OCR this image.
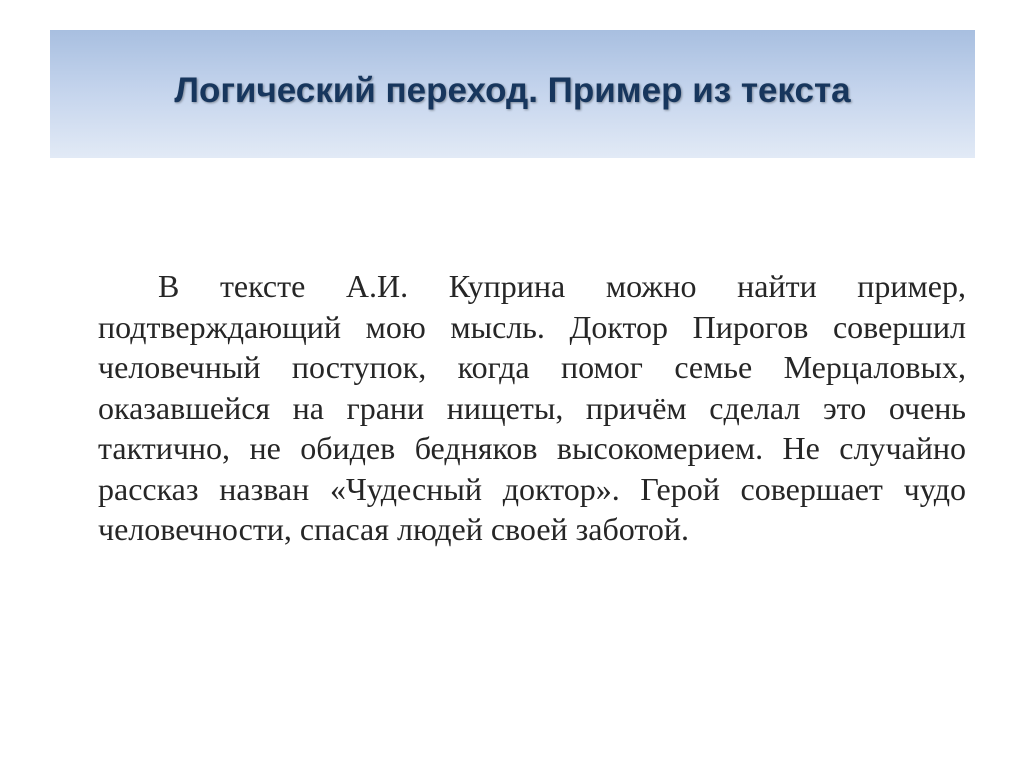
Логический переход. Пример из текста

В тексте А.И. Куприна можно найти пример, подтверждающий мою мысль. Доктор Пирогов совершил человечный поступок, когда помог семье Мерцаловых, оказавшейся на грани нищеты, причём сделал это очень тактично, не обидев бедняков высокомерием. Не случайно рассказ назван «Чудесный доктор». Герой совершает чудо человечности, спасая людей своей заботой.
